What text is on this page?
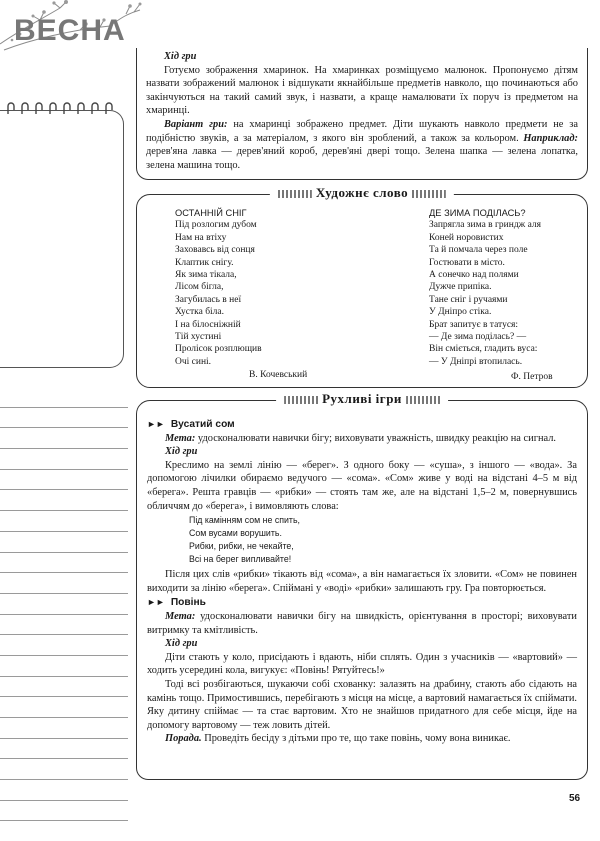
ВЕСНА
Хід гри

Готуємо зображення хмаринок. На хмаринках розміщуємо малюнок. Пропонуємо дітям назвати зображений малюнок і відшукати якнайбільше предметів навколо, що починаються або закінчуються на такий самий звук, і назвати, а краще намалювати їх поруч із предметом на хмаринці.

Варіант гри: на хмаринці зображено предмет. Діти шукають навколо предмети не за подібністю звуків, а за матеріалом, з якого він зроблений, а також за кольором. Наприклад: дерев'яна лавка — дерев'яний короб, дерев'яні двері тощо. Зелена шапка — зелена лопатка, зелена машина тощо.

Художнє слово
ОСТАННІЙ СНІГ
Під розлогим дубом
Нам на втіху
Заховавсь від сонця
Клаптик снігу.
Як зима тікала,
Лісом бігла,
Загубилась в неї
Хустка біла.
І на білосніжній
Тій хустині
Пролісок розплющив
Очі сині.
В. Кочевський
ДЕ ЗИМА ПОДІЛАСЬ?
Запрягла зима в гриндж аля
Коней норовистих
Та й помчала через поле
Гостювати в місто.
А сонечко над полями
Дужче припіка.
Тане сніг і ручаями
У Дніпро стіка.
Брат запитує в татуся:
— Де зима поділась? —
Він сміється, гладить вуса:
— У Дніпрі втопилась.
Ф. Петров
Рухливі ігри
►► Вусатий сом

Мета: удосконалювати навички бігу; виховувати уважність, швидку реакцію на сигнал.

Хід гри

Креслимо на землі лінію — «берег». З одного боку — «суша», з іншого — «вода». За допомогою лічилки обираємо ведучого — «сома». «Сом» живе у воді на відстані 4–5 м від «берега». Решта гравців — «рибки» — стоять там же, але на відстані 1,5–2 м, повернувшись обличчям до «берега», і вимовляють слова:

Під камінням сом не спить,
Сом вусами ворушить.
Рибки, рибки, не чекайте,
Всі на берег випливайте!

Після цих слів «рибки» тікають від «сома», а він намагається їх зловити. «Сом» не повинен виходити за лінію «берега». Спіймані у «воді» «рибки» залишають гру. Гра повторюється.

►► Повінь

Мета: удосконалювати навички бігу на швидкість, орієнтування в просторі; виховувати витримку та кмітливість.

Хід гри

Діти стають у коло, присідають і вдають, ніби сплять. Один з учасників — «вартовий» — ходить усередині кола, вигукує: «Повінь! Рятуйтесь!»

Тоді всі розбігаються, шукаючи собі схованку: залазять на драбину, стають або сідають на камінь тощо. Примостившись, перебігають з місця на місце, а вартовий намагається їх спіймати. Яку дитину спіймає — та стає вартовим. Хто не знайшов придатного для себе місця, йде на допомогу вартовому — теж ловить дітей.

Порада. Проведіть бесіду з дітьми про те, що таке повінь, чому вона виникає.

56
